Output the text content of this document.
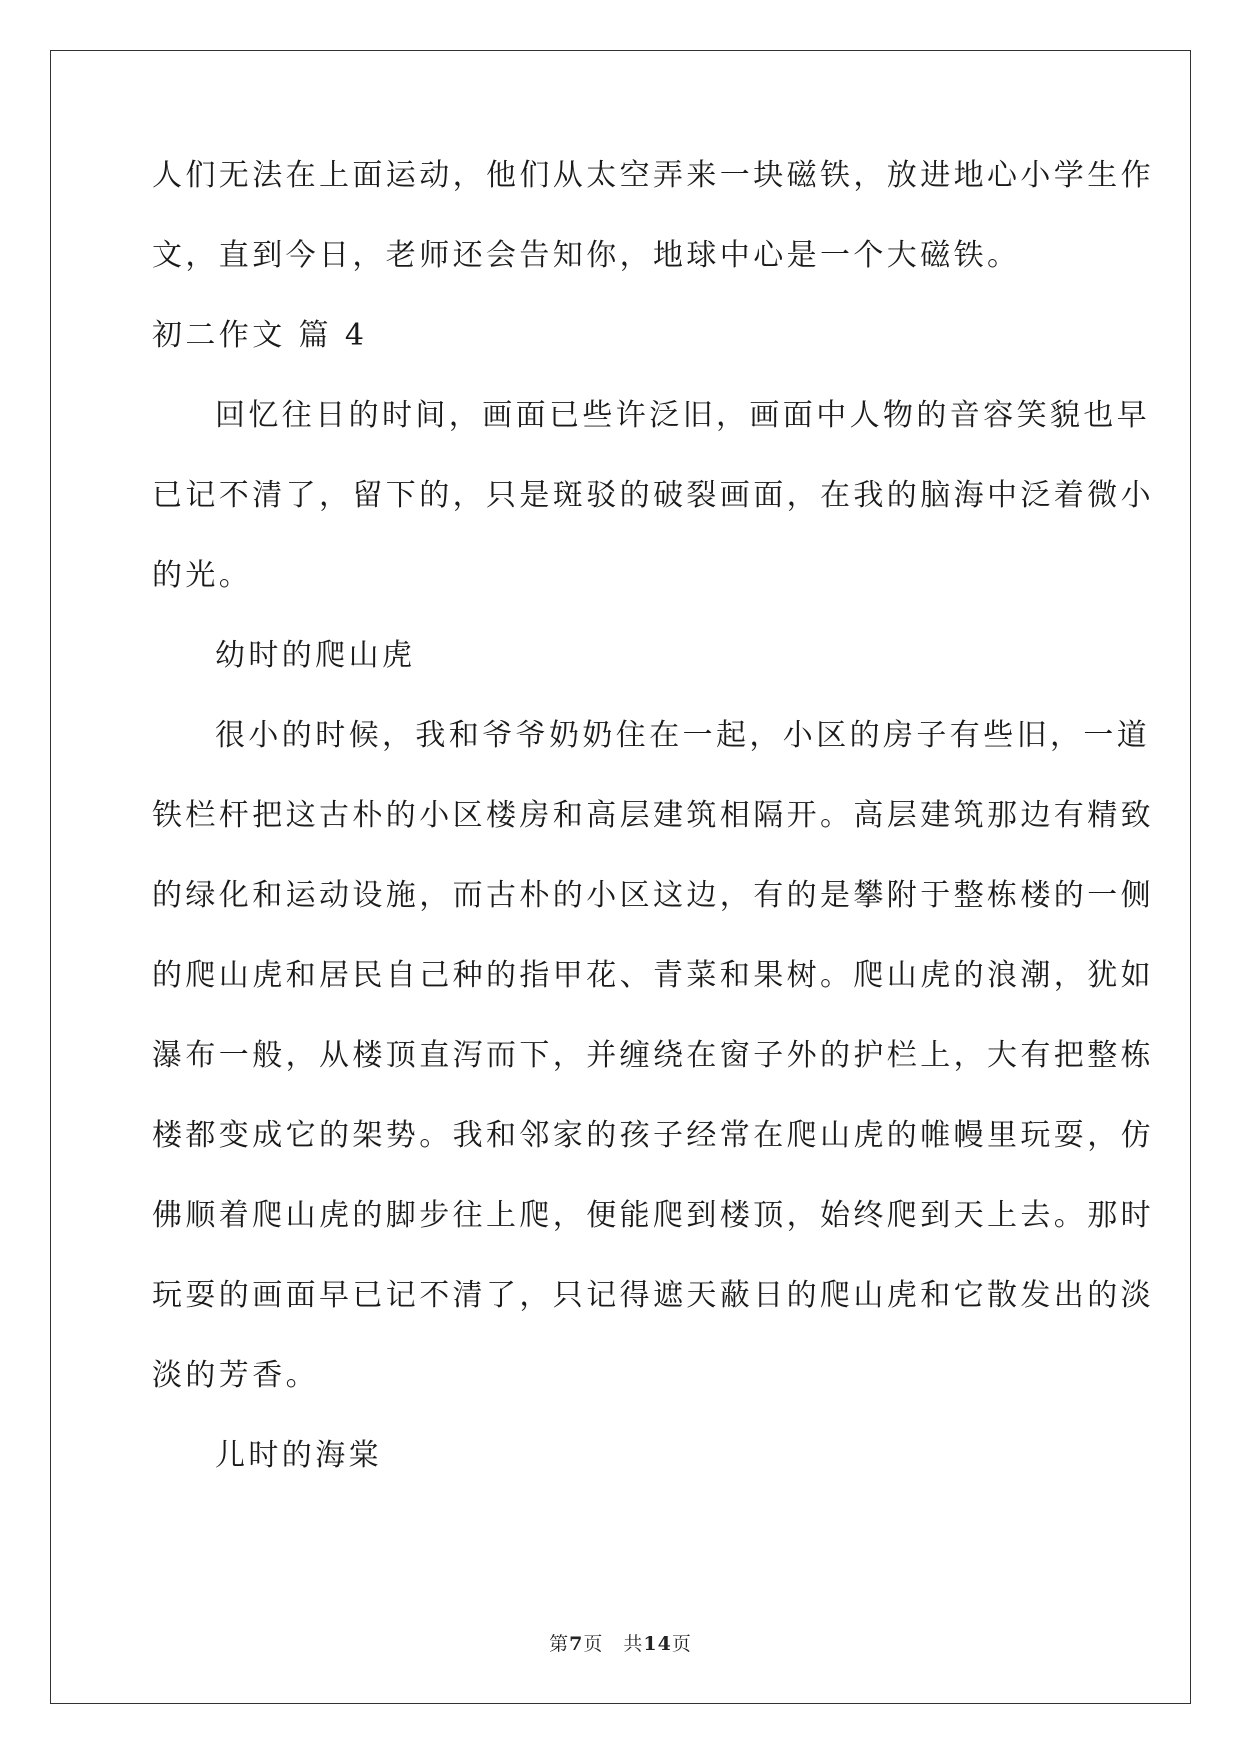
人们无法在上面运动，他们从太空弄来一块磁铁，放进地心小学生作
文，直到今日，老师还会告知你，地球中心是一个大磁铁。
初二作文 篇 4
回忆往日的时间，画面已些许泛旧，画面中人物的音容笑貌也早
已记不清了，留下的，只是斑驳的破裂画面，在我的脑海中泛着微小
的光。
幼时的爬山虎
很小的时候，我和爷爷奶奶住在一起，小区的房子有些旧，一道
铁栏杆把这古朴的小区楼房和高层建筑相隔开。高层建筑那边有精致
的绿化和运动设施，而古朴的小区这边，有的是攀附于整栋楼的一侧
的爬山虎和居民自己种的指甲花、青菜和果树。爬山虎的浪潮，犹如
瀑布一般，从楼顶直泻而下，并缠绕在窗子外的护栏上，大有把整栋
楼都变成它的架势。我和邻家的孩子经常在爬山虎的帷幔里玩耍，仿
佛顺着爬山虎的脚步往上爬，便能爬到楼顶，始终爬到天上去。那时
玩耍的画面早已记不清了，只记得遮天蔽日的爬山虎和它散发出的淡
淡的芳香。
儿时的海棠
第7页　共14页
